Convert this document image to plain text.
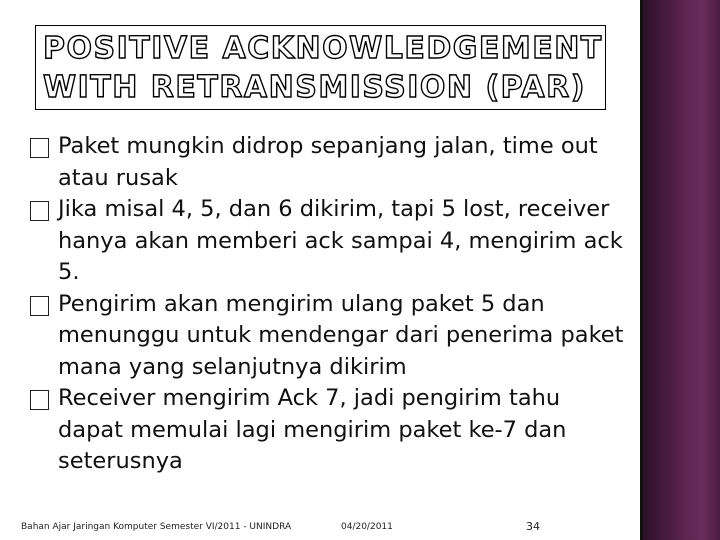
POSITIVE ACKNOWLEDGEMENT
WITH RETRANSMISSION (PAR)
Paket mungkin didrop sepanjang jalan, time out atau rusak
Jika misal 4, 5, dan 6 dikirim, tapi 5 lost, receiver hanya akan memberi ack sampai 4, mengirim ack 5.
Pengirim akan mengirim ulang paket 5 dan menunggu untuk mendengar dari penerima paket mana yang selanjutnya dikirim
Receiver mengirim Ack 7, jadi pengirim tahu dapat memulai lagi mengirim paket ke-7 dan seterusnya
Bahan Ajar Jaringan Komputer Semester VI/2011 - UNINDRA	04/20/2011	34
